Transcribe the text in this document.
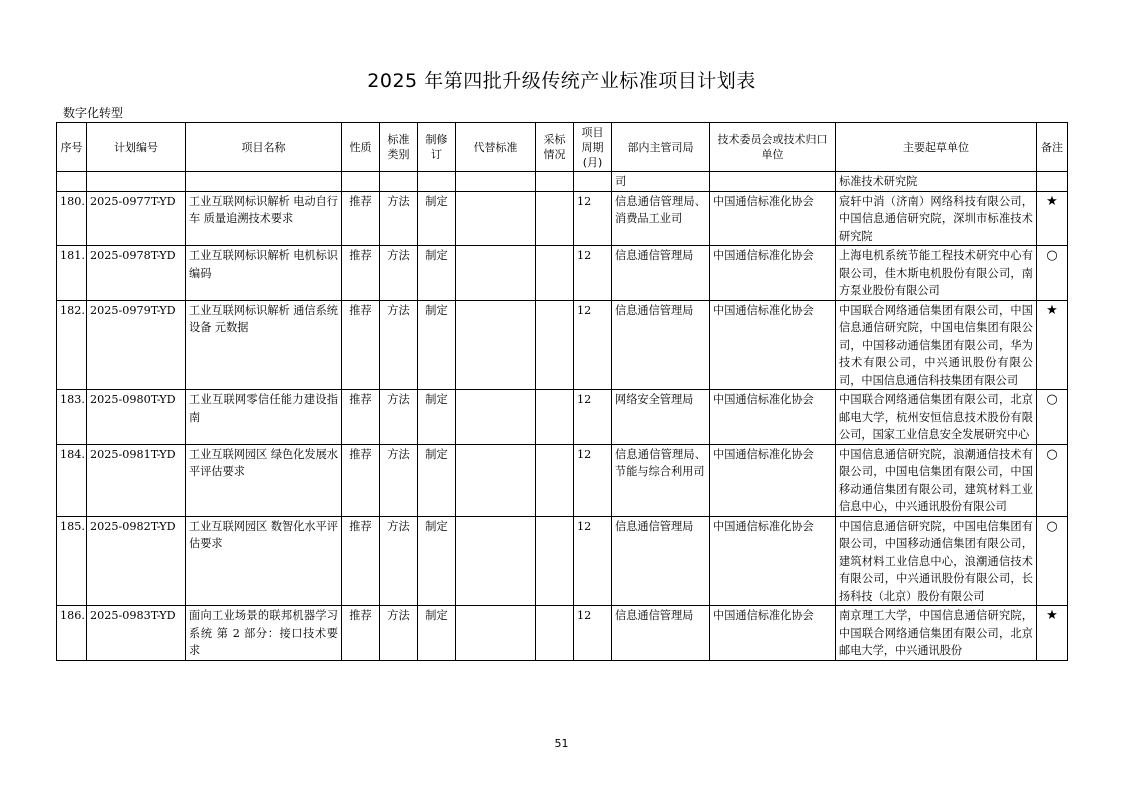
2025 年第四批升级传统产业标准项目计划表
数字化转型
序号	计划编号	项目名称	性质	标准类别	制修订	代替标准	采标情况	项目周期(月)	部内主管司局	技术委员会或技术归口单位	主要起草单位	备注
									司		标准技术研究院	
180.	2025-0977T-YD	工业互联网标识解析 电动自行车 质量追溯技术要求	推荐	方法	制定			12	信息通信管理局、消费品工业司	中国通信标准化协会	宸轩中消（济南）网络科技有限公司，中国信息通信研究院，深圳市标准技术研究院	★
181.	2025-0978T-YD	工业互联网标识解析 电机标识编码	推荐	方法	制定			12	信息通信管理局	中国通信标准化协会	上海电机系统节能工程技术研究中心有限公司，佳木斯电机股份有限公司，南方泵业股份有限公司	○
182.	2025-0979T-YD	工业互联网标识解析 通信系统设备 元数据	推荐	方法	制定			12	信息通信管理局	中国通信标准化协会	中国联合网络通信集团有限公司，中国信息通信研究院，中国电信集团有限公司，中国移动通信集团有限公司，华为技术有限公司，中兴通讯股份有限公司，中国信息通信科技集团有限公司	★
183.	2025-0980T-YD	工业互联网零信任能力建设指南	推荐	方法	制定			12	网络安全管理局	中国通信标准化协会	中国联合网络通信集团有限公司，北京邮电大学，杭州安恒信息技术股份有限公司，国家工业信息安全发展研究中心	○
184.	2025-0981T-YD	工业互联网园区 绿色化发展水平评估要求	推荐	方法	制定			12	信息通信管理局、节能与综合利用司	中国通信标准化协会	中国信息通信研究院，浪潮通信技术有限公司，中国电信集团有限公司，中国移动通信集团有限公司，建筑材料工业信息中心，中兴通讯股份有限公司	○
185.	2025-0982T-YD	工业互联网园区 数智化水平评估要求	推荐	方法	制定			12	信息通信管理局	中国通信标准化协会	中国信息通信研究院，中国电信集团有限公司，中国移动通信集团有限公司，建筑材料工业信息中心，浪潮通信技术有限公司，中兴通讯股份有限公司，长扬科技（北京）股份有限公司	○
186.	2025-0983T-YD	面向工业场景的联邦机器学习系统 第 2 部分：接口技术要求	推荐	方法	制定			12	信息通信管理局	中国通信标准化协会	南京理工大学，中国信息通信研究院，中国联合网络通信集团有限公司，北京邮电大学，中兴通讯股份	★
51
